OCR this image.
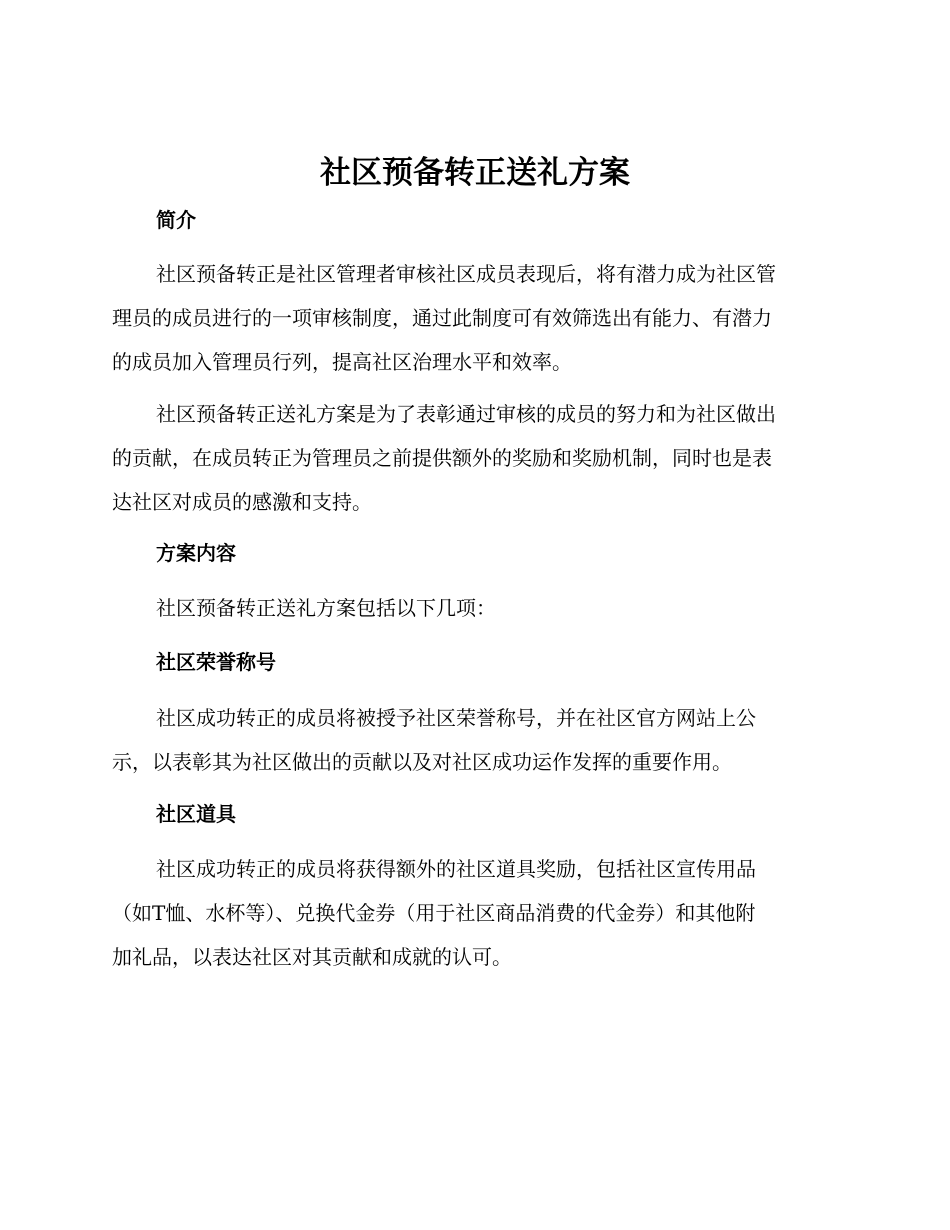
社区预备转正送礼方案
简介
社区预备转正是社区管理者审核社区成员表现后，将有潜力成为社区管
理员的成员进行的一项审核制度，通过此制度可有效筛选出有能力、有潜力
的成员加入管理员行列，提高社区治理水平和效率。
社区预备转正送礼方案是为了表彰通过审核的成员的努力和为社区做出
的贡献，在成员转正为管理员之前提供额外的奖励和奖励机制，同时也是表
达社区对成员的感激和支持。
方案内容
社区预备转正送礼方案包括以下几项：
社区荣誉称号
社区成功转正的成员将被授予社区荣誉称号，并在社区官方网站上公
示，以表彰其为社区做出的贡献以及对社区成功运作发挥的重要作用。
社区道具
社区成功转正的成员将获得额外的社区道具奖励，包括社区宣传用品
（如T恤、水杯等）、兑换代金券（用于社区商品消费的代金券）和其他附
加礼品，以表达社区对其贡献和成就的认可。
